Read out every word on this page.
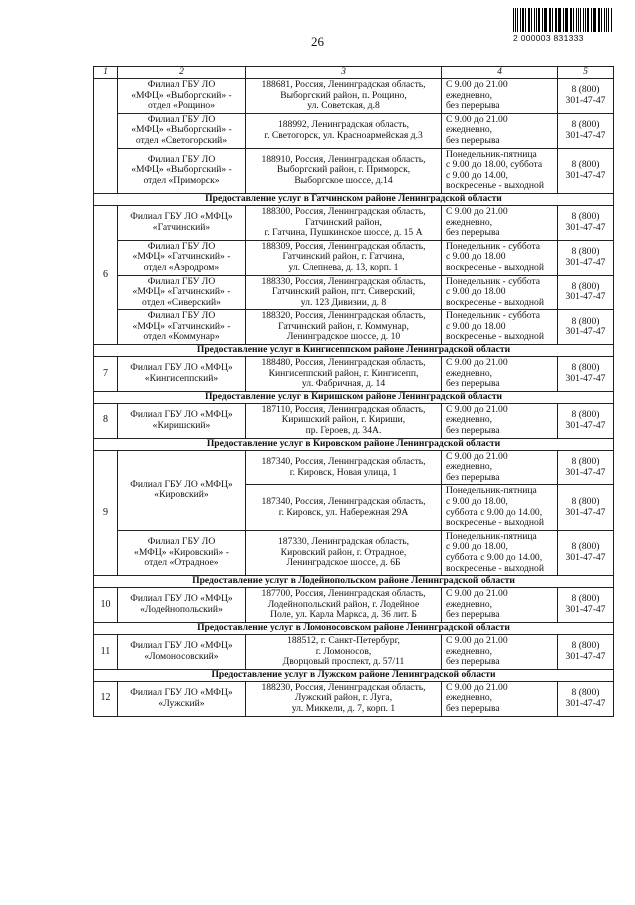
26	2 000003 831333
1	2	3	4	5
	Филиал ГБУ ЛО
«МФЦ» «Выборгский» -
отдел «Рощино»	188681, Россия, Ленинградская область,
Выборгский район, п. Рощино,
ул. Советская, д.8	С 9.00 до 21.00
ежедневно,
без перерыва	8 (800)
301-47-47
	Филиал ГБУ ЛО
«МФЦ» «Выборгский» -
отдел «Светогорский»	188992, Ленинградская область,
г. Светогорск, ул. Красноармейская д.3	С 9.00 до 21.00
ежедневно,
без перерыва	8 (800)
301-47-47
	Филиал ГБУ ЛО
«МФЦ» «Выборгский» -
отдел «Приморск»	188910, Россия, Ленинградская область,
Выборгский район, г. Приморск,
Выборгское шоссе, д.14	Понедельник-пятница
с 9.00 до 18.00, суббота
с 9.00 до 14.00,
воскресенье - выходной	8 (800)
301-47-47
Предоставление услуг в Гатчинском районе Ленинградской области				
6	Филиал ГБУ ЛО «МФЦ»
«Гатчинский»	188300, Россия, Ленинградская область,
Гатчинский район,
г. Гатчина, Пушкинское шоссе, д. 15 А	С 9.00 до 21.00
ежедневно,
без перерыва	8 (800)
301-47-47
	Филиал ГБУ ЛО
«МФЦ» «Гатчинский» -
отдел «Аэродром»	188309, Россия, Ленинградская область,
Гатчинский район, г. Гатчина,
ул. Слепнева, д. 13, корп. 1	Понедельник - суббота
с 9.00 до 18.00
воскресенье - выходной	8 (800)
301-47-47
	Филиал ГБУ ЛО
«МФЦ» «Гатчинский» -
отдел «Сиверский»	188330, Россия, Ленинградская область,
Гатчинский район, пгт. Сиверский,
ул. 123 Дивизии, д. 8	Понедельник - суббота
с 9.00 до 18.00
воскресенье - выходной	8 (800)
301-47-47
	Филиал ГБУ ЛО
«МФЦ» «Гатчинский» -
отдел «Коммунар»	188320, Россия, Ленинградская область,
Гатчинский район, г. Коммунар,
Ленинградское шоссе, д. 10	Понедельник - суббота
с 9.00 до 18.00
воскресенье - выходной	8 (800)
301-47-47
Предоставление услуг в Кингисеппском районе Ленинградской области				
7	Филиал ГБУ ЛО «МФЦ»
«Кингисеппский»	188480, Россия, Ленинградская область,
Кингисеппский район, г. Кингисепп,
ул. Фабричная, д. 14	С 9.00 до 21.00
ежедневно,
без перерыва	8 (800)
301-47-47
Предоставление услуг в Киришском районе Ленинградской области				
8	Филиал ГБУ ЛО «МФЦ»
«Киришский»	187110, Россия, Ленинградская область,
Киришский район, г. Кириши,
пр. Героев, д. 34А.	С 9.00 до 21.00
ежедневно,
без перерыва	8 (800)
301-47-47
Предоставление услуг в Кировском районе Ленинградской области				
9	Филиал ГБУ ЛО «МФЦ»
«Кировский»	187340, Россия, Ленинградская область,
г. Кировск, Новая улица, 1	С 9.00 до 21.00
ежедневно,
без перерыва	8 (800)
301-47-47
		187340, Россия, Ленинградская область,
г. Кировск, ул. Набережная 29А	Понедельник-пятница
с 9.00 до 18.00,
суббота с 9.00 до 14.00,
воскресенье - выходной	8 (800)
301-47-47
	Филиал ГБУ ЛО
«МФЦ» «Кировский» -
отдел «Отрадное»	187330, Ленинградская область,
Кировский район, г. Отрадное,
Ленинградское шоссе, д. 6Б	Понедельник-пятница
с 9.00 до 18.00,
суббота с 9.00 до 14.00,
воскресенье - выходной	8 (800)
301-47-47
Предоставление услуг в Лодейнопольском районе Ленинградской области				
10	Филиал ГБУ ЛО «МФЦ»
«Лодейнопольский»	187700, Россия, Ленинградская область,
Лодейнопольский район, г. Лодейное
Поле, ул. Карла Маркса, д. 36 лит. Б	С 9.00 до 21.00
ежедневно,
без перерыва	8 (800)
301-47-47
Предоставление услуг в Ломоносовском районе Ленинградской области				
11	Филиал ГБУ ЛО «МФЦ»
«Ломоносовский»	188512, г. Санкт-Петербург,
г. Ломоносов,
Дворцовый проспект, д. 57/11	С 9.00 до 21.00
ежедневно,
без перерыва	8 (800)
301-47-47
Предоставление услуг в Лужском районе Ленинградской области				
12	Филиал ГБУ ЛО «МФЦ»
«Лужский»	188230, Россия, Ленинградская область,
Лужский район, г. Луга,
ул. Миккели, д. 7, корп. 1	С 9.00 до 21.00
ежедневно,
без перерыва	8 (800)
301-47-47
